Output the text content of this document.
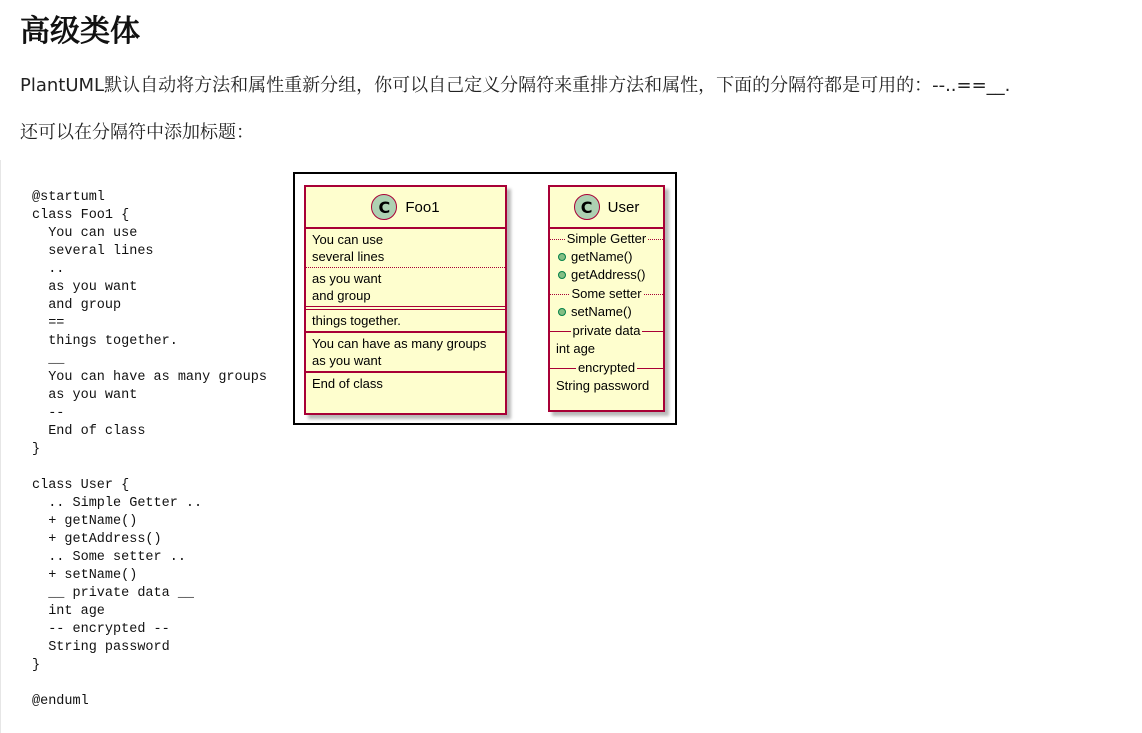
高级类体

PlantUML默认自动将方法和属性重新分组，你可以自己定义分隔符来重排方法和属性，下面的分隔符都是可用的：--..==__.

还可以在分隔符中添加标题：

@startuml
class Foo1 {
You can use
several lines
..
as you want
and group
==
things together.
__
You can have as many groups
as you want
--
End of class
}

class User {
.. Simple Getter ..
+ getName()
+ getAddress()
.. Some setter ..
+ setName()
__ private data __
int age
-- encrypted --
String password
}

@enduml
C	Foo1
You can use
several lines
as you want
and group
things together.
You can have as many groups
as you want
End of class
C	User
Simple Getter
getName()
getAddress()
Some setter
setName()
private data
int age
encrypted
String password
